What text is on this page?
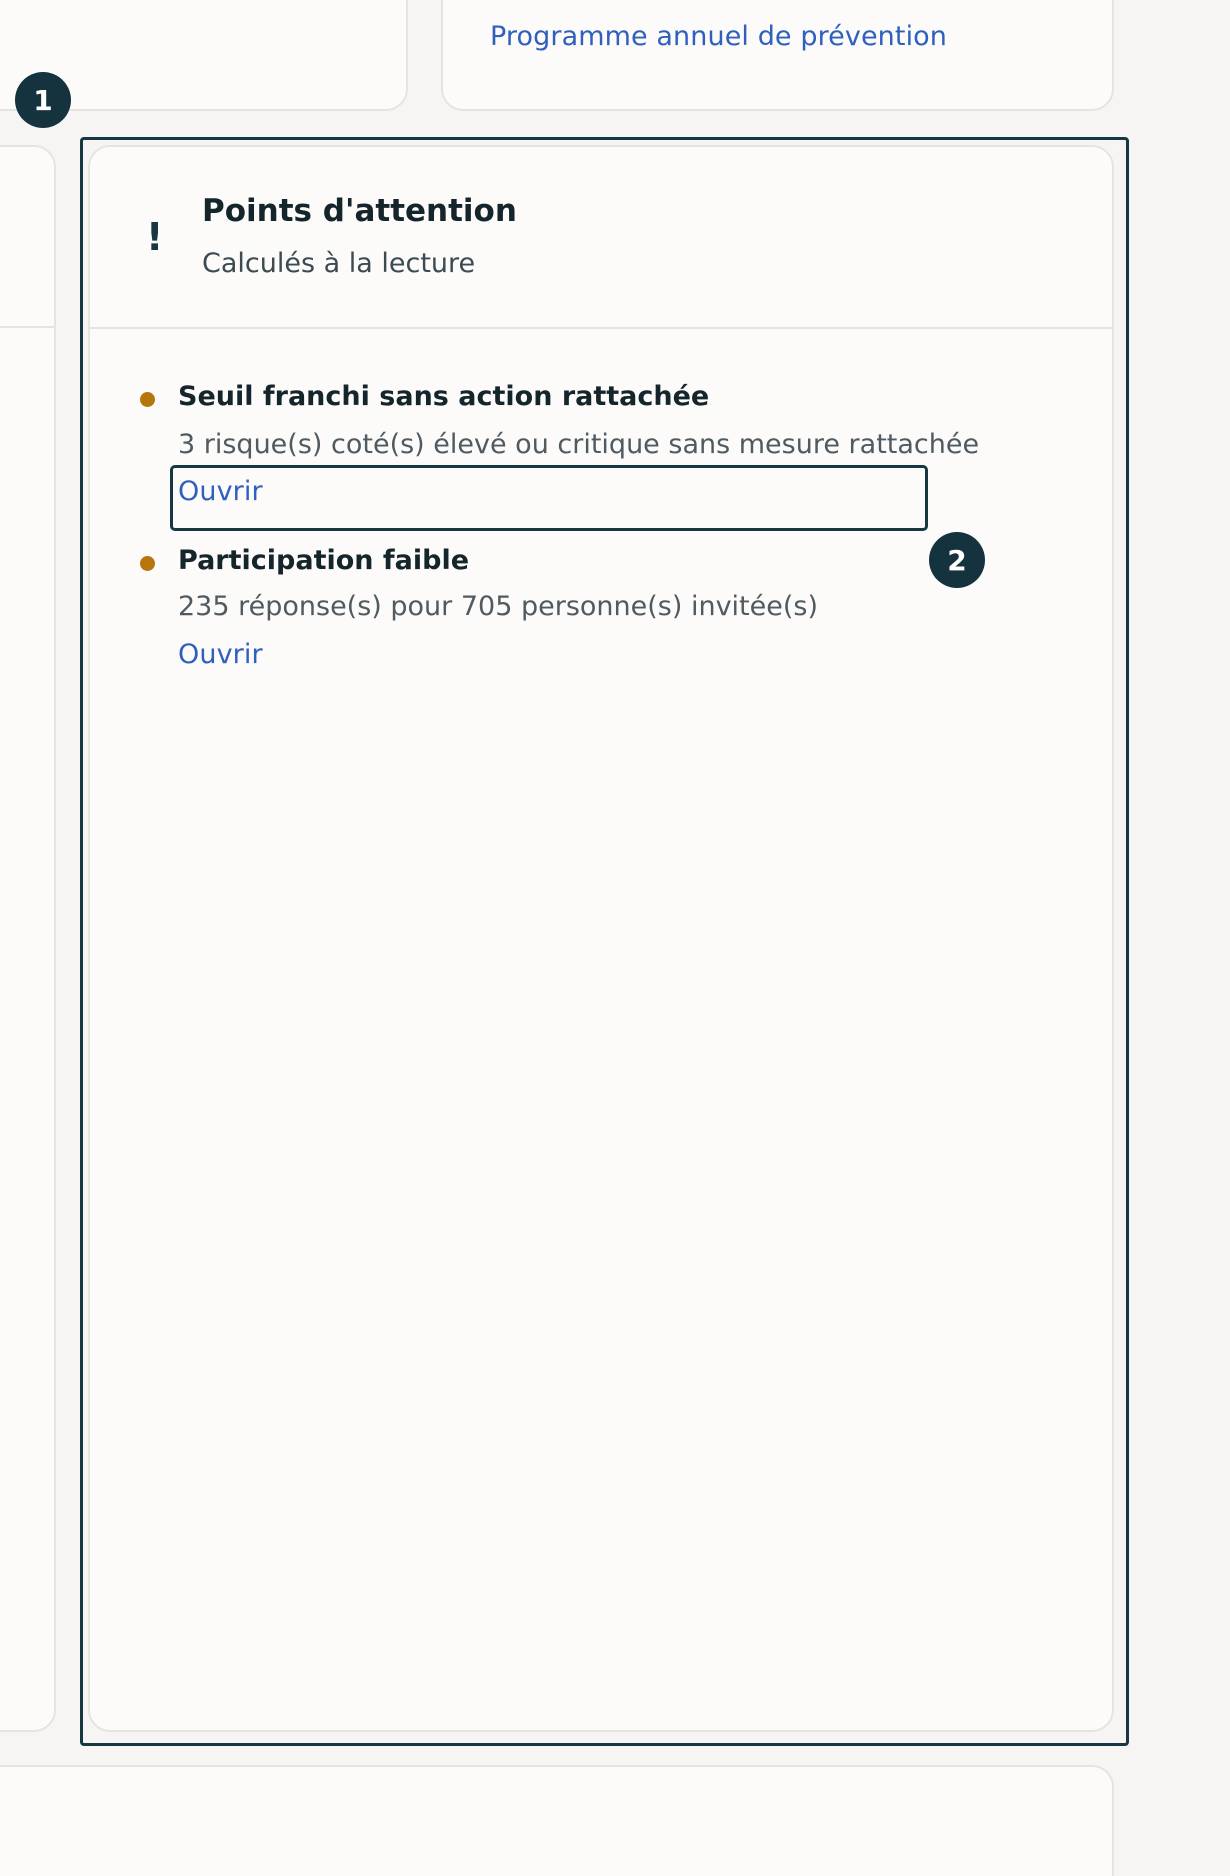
Programme annuel de prévention
!
Points d'attention
Calculés à la lecture
Seuil franchi sans action rattachée
3 risque(s) coté(s) élevé ou critique sans mesure rattachée
Ouvrir
Participation faible
235 réponse(s) pour 705 personne(s) invitée(s)
Ouvrir
1
2
